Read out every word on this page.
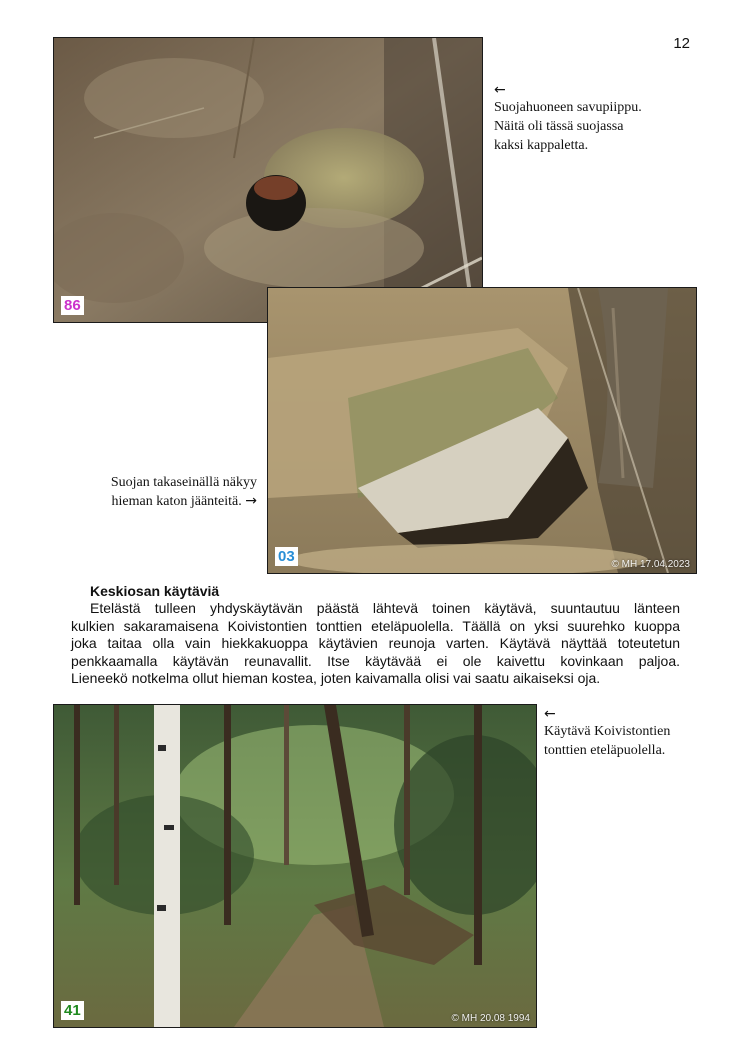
12
86
←
Suojahuoneen savupiippu.
Näitä oli tässä suojassa
kaksi kappaletta.
03	© MH 17.04.2023
Suojan takaseinällä näkyy
hieman katon jäänteitä. →
Keskiosan käytäviä
Etelästä tulleen yhdyskäytävän päästä lähtevä toinen käytävä, suuntautuu länteen
kulkien sakaramaisena Koivistontien tonttien eteläpuolella. Täällä on yksi suurehko kuoppa
joka taitaa olla vain hiekkakuoppa käytävien reunoja varten. Käytävä näyttää toteutetun
penkkaamalla käytävän reunavallit. Itse käytävää ei ole kaivettu kovinkaan paljoa.
Lieneekö notkelma ollut hieman kostea, joten kaivamalla olisi vai saatu aikaiseksi oja.
41	© MH 20.08 1994
←
Käytävä Koivistontien
tonttien eteläpuolella.
